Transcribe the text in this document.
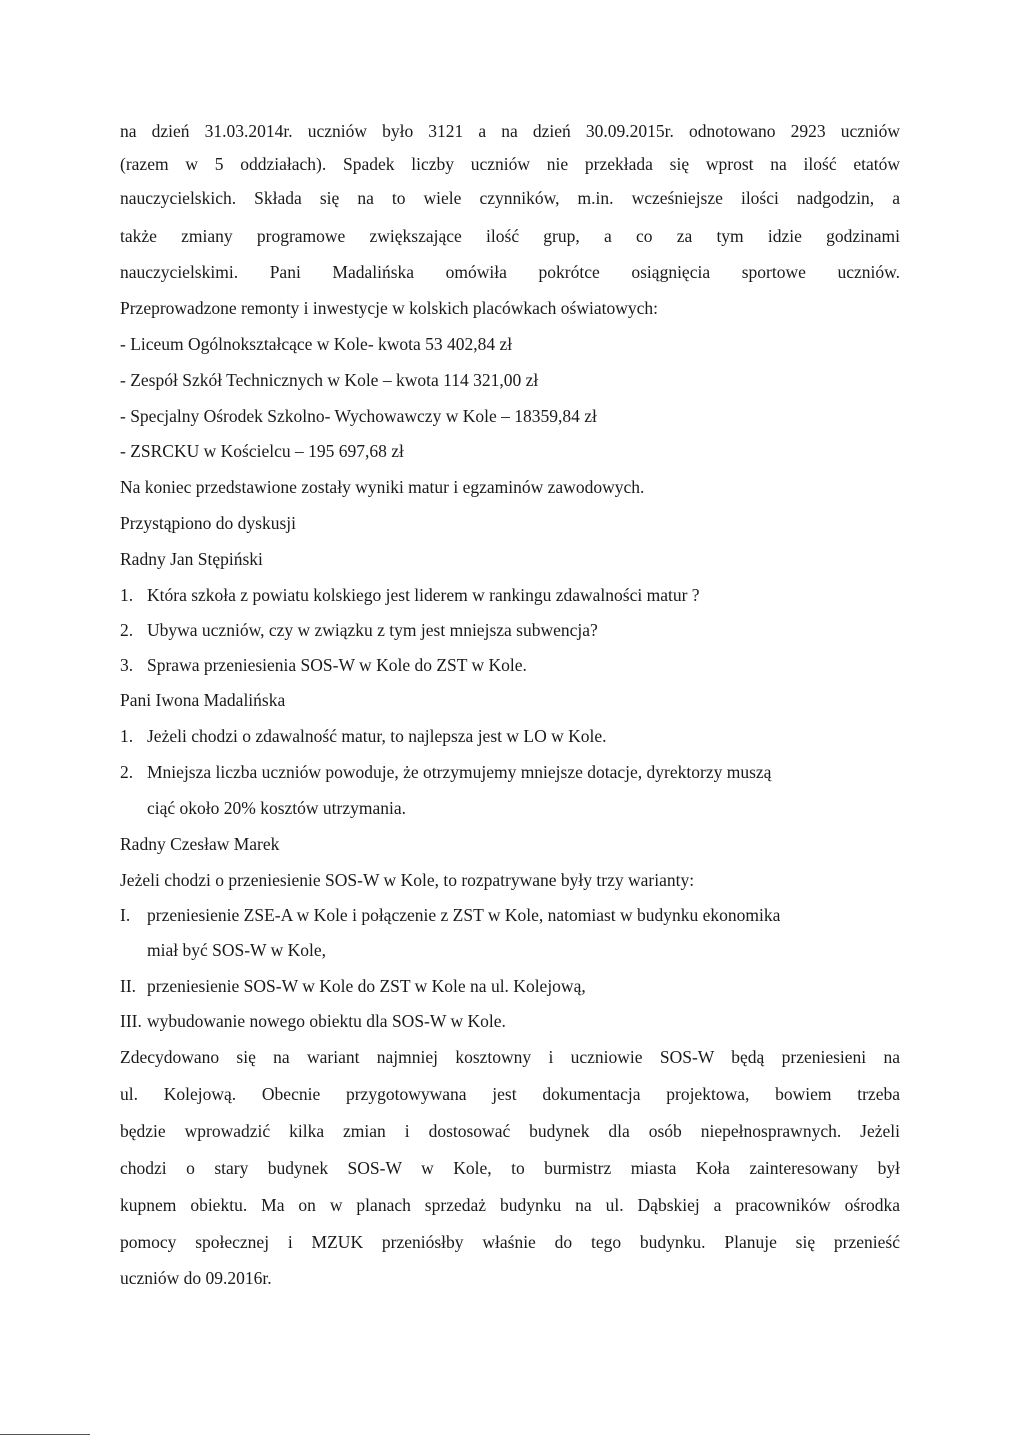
na dzień 31.03.2014r. uczniów było 3121 a na dzień 30.09.2015r. odnotowano 2923 uczniów
(razem w 5 oddziałach). Spadek liczby uczniów nie przekłada się wprost na ilość etatów
nauczycielskich. Składa się na to wiele czynników, m.in. wcześniejsze ilości nadgodzin, a
także zmiany programowe zwiększające ilość grup, a co za tym idzie godzinami
nauczycielskimi. Pani Madalińska omówiła pokrótce osiągnięcia sportowe uczniów.
Przeprowadzone remonty i inwestycje w kolskich placówkach oświatowych:
- Liceum Ogólnokształcące w Kole- kwota 53 402,84 zł
- Zespół Szkół Technicznych w Kole – kwota 114 321,00 zł
- Specjalny Ośrodek Szkolno- Wychowawczy w Kole – 18359,84 zł
- ZSRCKU w Kościelcu – 195 697,68 zł
Na koniec przedstawione zostały wyniki matur i egzaminów zawodowych.
Przystąpiono do dyskusji
Radny Jan Stępiński
1. Która szkoła z powiatu kolskiego jest liderem w rankingu zdawalności matur ?
2. Ubywa uczniów, czy w związku z tym jest mniejsza subwencja?
3. Sprawa przeniesienia SOS-W w Kole do ZST w Kole.
Pani Iwona Madalińska
1. Jeżeli chodzi o zdawalność matur, to najlepsza jest w LO w Kole.
2. Mniejsza liczba uczniów powoduje, że otrzymujemy mniejsze dotacje, dyrektorzy muszą
ciąć około 20% kosztów utrzymania.
Radny Czesław Marek
Jeżeli chodzi o przeniesienie SOS-W w Kole, to rozpatrywane były trzy warianty:
I. przeniesienie ZSE-A w Kole i połączenie z ZST w Kole, natomiast w budynku ekonomika
miał być SOS-W w Kole,
II. przeniesienie SOS-W w Kole do ZST w Kole na ul. Kolejową,
III. wybudowanie nowego obiektu dla SOS-W w Kole.
Zdecydowano się na wariant najmniej kosztowny i uczniowie SOS-W będą przeniesieni na
ul. Kolejową. Obecnie przygotowywana jest dokumentacja projektowa, bowiem trzeba
będzie wprowadzić kilka zmian i dostosować budynek dla osób niepełnosprawnych. Jeżeli
chodzi o stary budynek SOS-W w Kole, to burmistrz miasta Koła zainteresowany był
kupnem obiektu. Ma on w planach sprzedaż budynku na ul. Dąbskiej a pracowników ośrodka
pomocy społecznej i MZUK przeniósłby właśnie do tego budynku. Planuje się przenieść
uczniów do 09.2016r.
